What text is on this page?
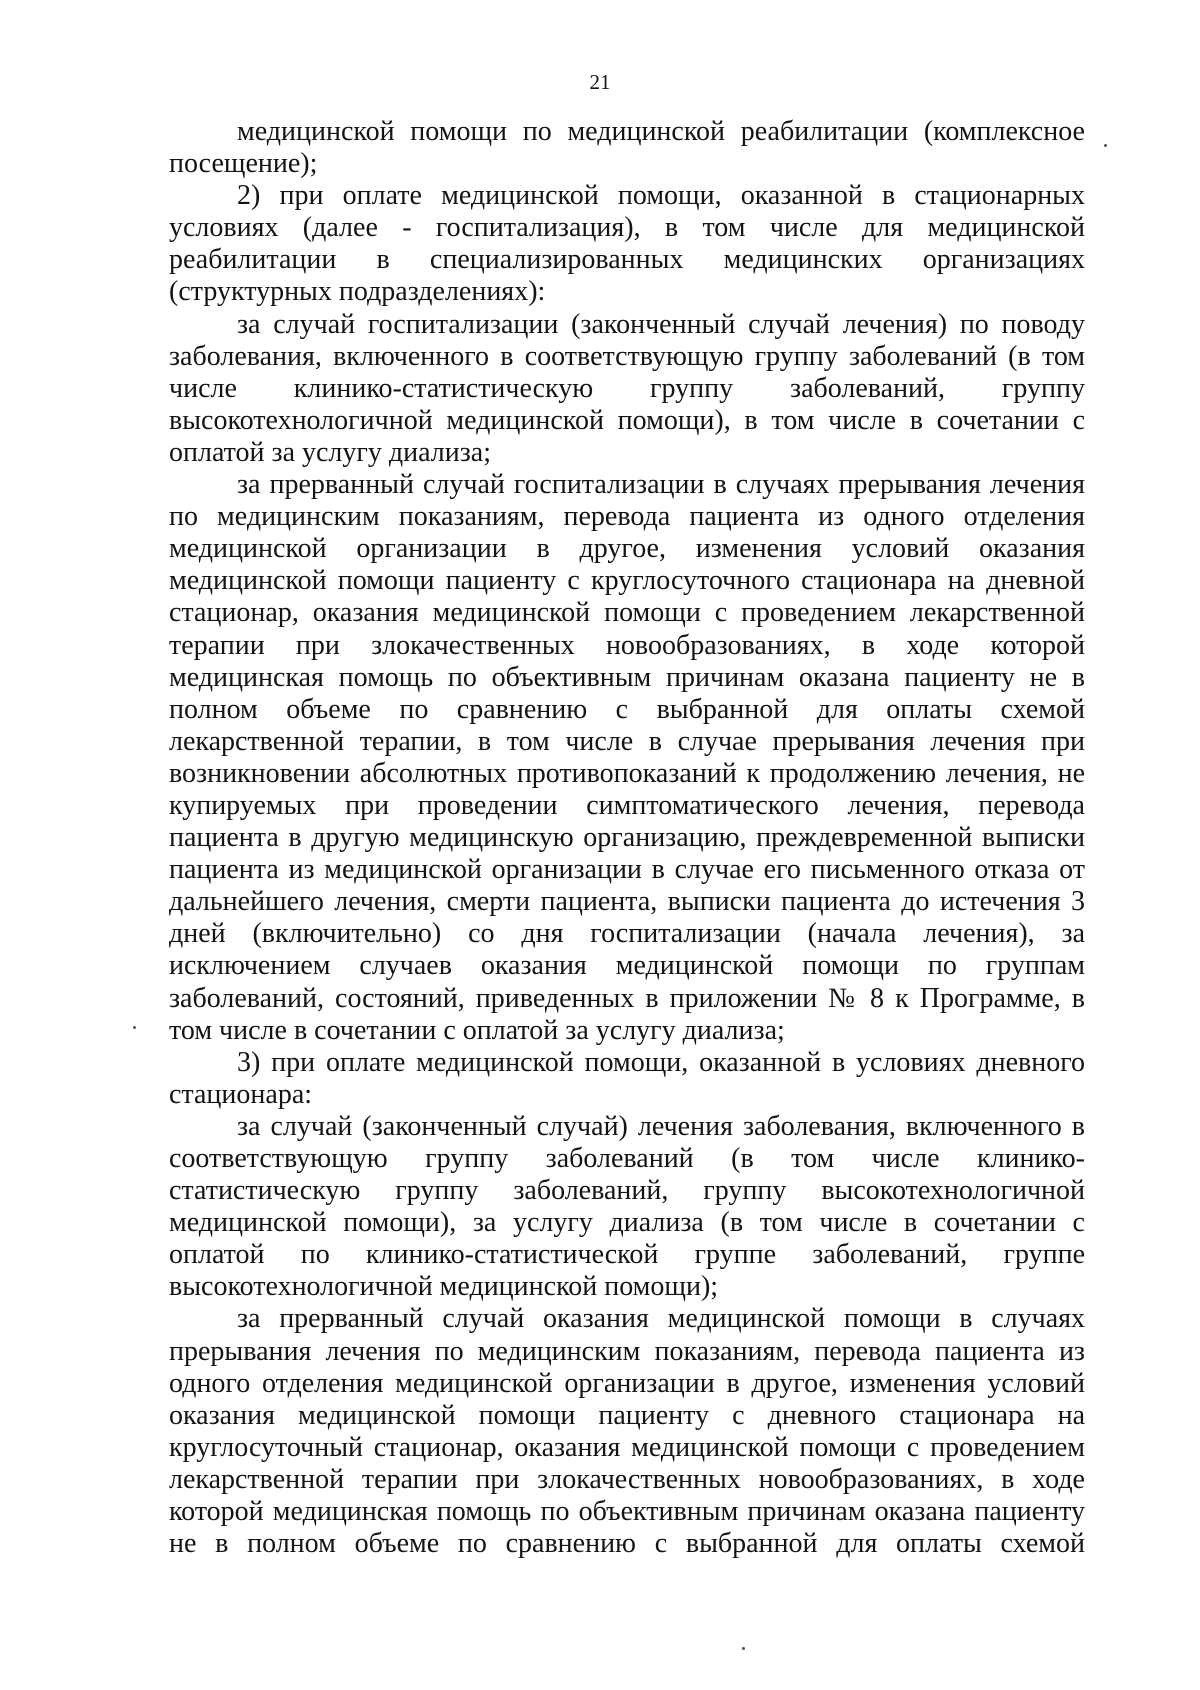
21

медицинской помощи по медицинской реабилитации (комплексное посещение);

2) при оплате медицинской помощи, оказанной в стационарных условиях (далее - госпитализация), в том числе для медицинской реабилитации в специализированных медицинских организациях (структурных подразделениях):

за случай госпитализации (законченный случай лечения) по поводу заболевания, включенного в соответствующую группу заболеваний (в том числе клинико-статистическую группу заболеваний, группу высокотехнологичной медицинской помощи), в том числе в сочетании с оплатой за услугу диализа;

за прерванный случай госпитализации в случаях прерывания лечения по медицинским показаниям, перевода пациента из одного отделения медицинской организации в другое, изменения условий оказания медицинской помощи пациенту с круглосуточного стационара на дневной стационар, оказания медицинской помощи с проведением лекарственной терапии при злокачественных новообразованиях, в ходе которой медицинская помощь по объективным причинам оказана пациенту не в полном объеме по сравнению с выбранной для оплаты схемой лекарственной терапии, в том числе в случае прерывания лечения при возникновении абсолютных противопоказаний к продолжению лечения, не купируемых при проведении симптоматического лечения, перевода пациента в другую медицинскую организацию, преждевременной выписки пациента из медицинской организации в случае его письменного отказа от дальнейшего лечения, смерти пациента, выписки пациента до истечения 3 дней (включительно) со дня госпитализации (начала лечения), за исключением случаев оказания медицинской помощи по группам заболеваний, состояний, приведенных в приложении № 8 к Программе, в том числе в сочетании с оплатой за услугу диализа;

3) при оплате медицинской помощи, оказанной в условиях дневного стационара:

за случай (законченный случай) лечения заболевания, включенного в соответствующую группу заболеваний (в том числе клинико-статистическую группу заболеваний, группу высокотехнологичной медицинской помощи), за услугу диализа (в том числе в сочетании с оплатой по клинико-статистической группе заболеваний, группе высокотехнологичной медицинской помощи);

за прерванный случай оказания медицинской помощи в случаях прерывания лечения по медицинским показаниям, перевода пациента из одного отделения медицинской организации в другое, изменения условий оказания медицинской помощи пациенту с дневного стационара на круглосуточный стационар, оказания медицинской помощи с проведением лекарственной терапии при злокачественных новообразованиях, в ходе которой медицинская помощь по объективным причинам оказана пациенту не в полном объеме по сравнению с выбранной для оплаты схемой
